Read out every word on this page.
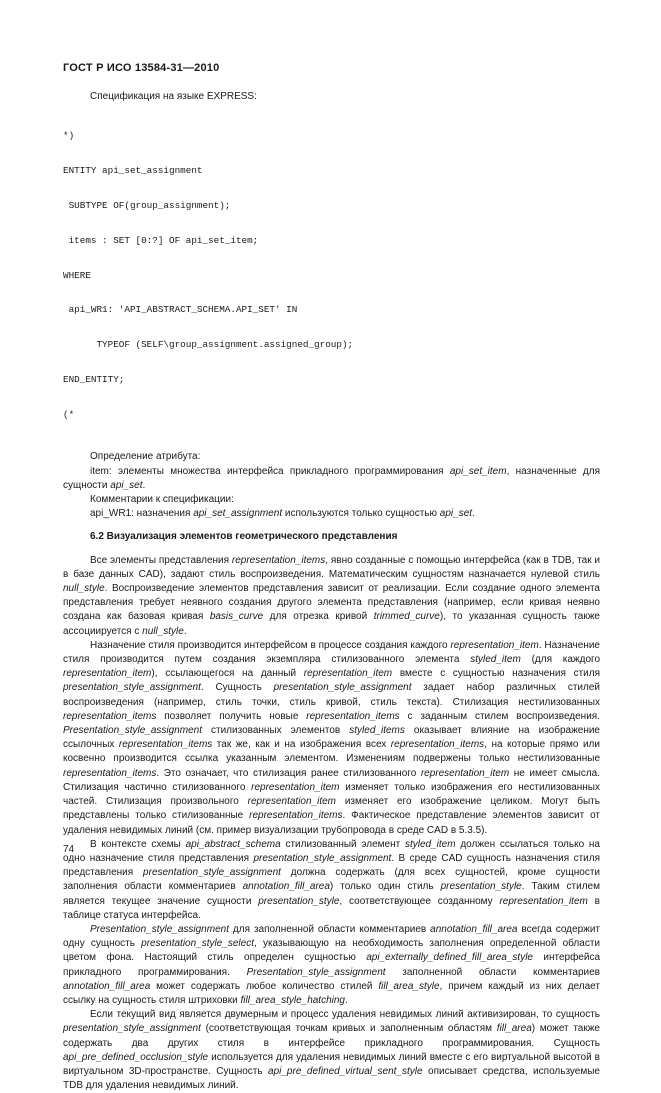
ГОСТ Р ИСО 13584-31—2010

Спецификация на языке EXPRESS:

*)

ENTITY api_set_assignment

SUBTYPE OF(group_assignment);

items : SET [0:?] OF api_set_item;

WHERE

api_WR1: 'API_ABSTRACT_SCHEMA.API_SET' IN

TYPEOF (SELF\group_assignment.assigned_group);

END_ENTITY;

(*

Определение атрибута:

item: элементы множества интерфейса прикладного программирования api_set_item, назначенные для сущности api_set.

Комментарии к спецификации:

api_WR1: назначения api_set_assignment используются только сущностью api_set.

6.2 Визуализация элементов геометрического представления

Все элементы представления representation_items, явно созданные с помощью интерфейса (как в TDB, так и в базе данных CAD), задают стиль воспроизведения. Математическим сущностям назначается нулевой стиль null_style. Воспроизведение элементов представления зависит от реализации. Если создание одного элемента представления требует неявного создания другого элемента представления (например, если кривая неявно создана как базовая кривая basis_curve для отрезка кривой trimmed_curve), то указанная сущность также ассоциируется с null_style.

Назначение стиля производится интерфейсом в процессе создания каждого representation_item. Назначение стиля производится путем создания экземпляра стилизованного элемента styled_item (для каждого representation_item), ссылающегося на данный representation_item вместе с сущностью назначения стиля presentation_style_assignment. Сущность presentation_style_assignment задает набор различных стилей воспроизведения (например, стиль точки, стиль кривой, стиль текста). Стилизация нестилизованных representation_items позволяет получить новые representation_items с заданным стилем воспроизведения. Presentation_style_assignment стилизованных элементов styled_items оказывает влияние на изображение ссылочных representation_items так же, как и на изображения всех representation_items, на которые прямо или косвенно производится ссылка указанным элементом. Изменениям подвержены только нестилизованные representation_items. Это означает, что стилизация ранее стилизованного representation_item не имеет смысла. Стилизация частично стилизованного representation_item изменяет только изображения его нестилизованных частей. Стилизация произвольного representation_item изменяет его изображение целиком. Могут быть представлены только стилизованные representation_items. Фактическое представление элементов зависит от удаления невидимых линий (см. пример визуализации трубопровода в среде CAD в 5.3.5).

В контексте схемы api_abstract_schema стилизованный элемент styled_item должен ссылаться только на одно назначение стиля представления presentation_style_assignment. В среде CAD сущность назначения стиля представления presentation_style_assignment должна содержать (для всех сущностей, кроме сущности заполнения области комментариев annotation_fill_area) только один стиль presentation_style. Таким стилем является текущее значение сущности presentation_style, соответствующее созданному representation_item в таблице статуса интерфейса.

Presentation_style_assignment для заполненной области комментариев annotation_fill_area всегда содержит одну сущность presentation_style_select, указывающую на необходимость заполнения определенной области цветом фона. Настоящий стиль определен сущностью api_externally_defined_fill_area_style интерфейса прикладного программирования. Presentation_style_assignment заполненной области комментариев annotation_fill_area может содержать любое количество стилей fill_area_style, причем каждый из них делает ссылку на сущность стиля штриховки fill_area_style_hatching.

Если текущий вид является двумерным и процесс удаления невидимых линий активизирован, то сущность presentation_style_assignment (соответствующая точкам кривых и заполненным областям fill_area) может также содержать два других стиля в интерфейсе прикладного программирования. Сущность api_pre_defined_occlusion_style используется для удаления невидимых линий вместе с его виртуальной высотой в виртуальном 3D-пространстве. Сущность api_pre_defined_virtual_sent_style описывает средства, используемые TDB для удаления невидимых линий.

74
